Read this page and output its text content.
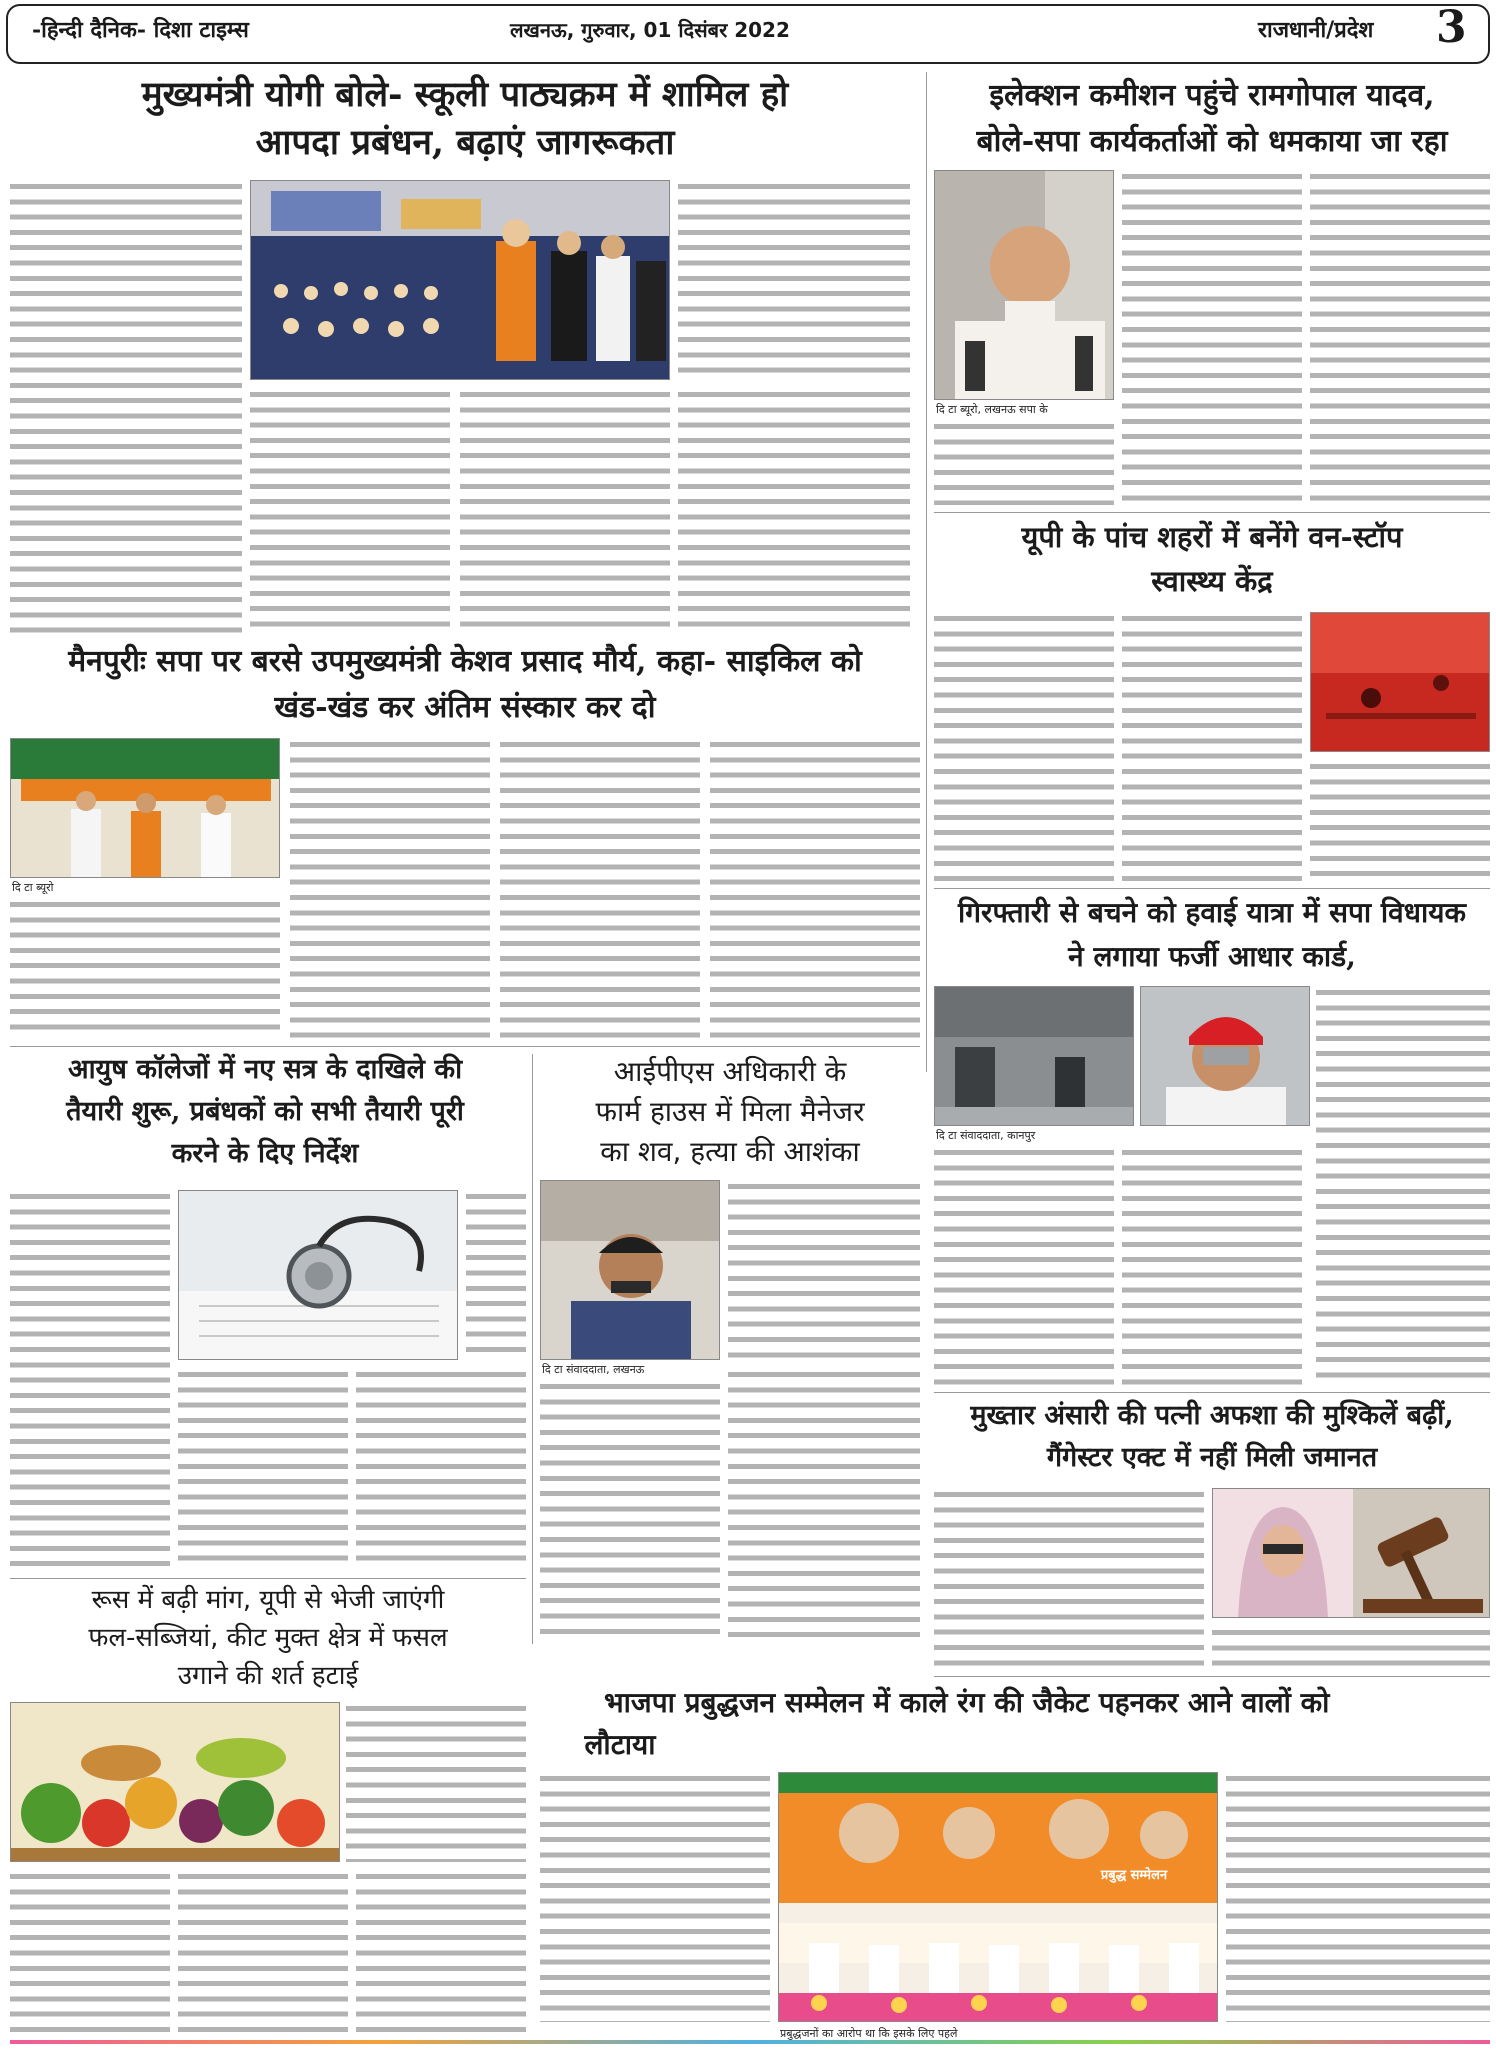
-हिन्दी दैनिक- दिशा टाइम्स	लखनऊ, गुरुवार, 01 दिसंबर 2022	राजधानी/प्रदेश 3
मुख्यमंत्री योगी बोले- स्कूली पाठ्यक्रम में शामिल हो
आपदा प्रबंधन, बढ़ाएं जागरूकता
इलेक्शन कमीशन पहुंचे रामगोपाल यादव,
बोले-सपा कार्यकर्ताओं को धमकाया जा रहा
दि टा ब्यूरो, लखनऊ सपा के
यूपी के पांच शहरों में बनेंगे वन-स्टॉप
स्वास्थ्य केंद्र
मैनपुरीः सपा पर बरसे उपमुख्यमंत्री केशव प्रसाद मौर्य, कहा- साइकिल को
खंड-खंड कर अंतिम संस्कार कर दो
दि टा ब्यूरो
गिरफ्तारी से बचने को हवाई यात्रा में सपा विधायक
ने लगाया फर्जी आधार कार्ड,
दि टा संवाददाता, कानपुर
आयुष कॉलेजों में नए सत्र के दाखिले की
तैयारी शुरू, प्रबंधकों को सभी तैयारी पूरी
करने के दिए निर्देश
आईपीएस अधिकारी के
फार्म हाउस में मिला मैनेजर
का शव, हत्या की आशंका
दि टा संवाददाता, लखनऊ
मुख्तार अंसारी की पत्नी अफशा की मुश्किलें बढ़ीं,
गैंगेस्टर एक्ट में नहीं मिली जमानत
रूस में बढ़ी मांग, यूपी से भेजी जाएंगी
फल-सब्जियां, कीट मुक्त क्षेत्र में फसल
उगाने की शर्त हटाई
भाजपा प्रबुद्धजन सम्मेलन में काले रंग की जैकेट पहनकर आने वालों को
लौटाया
प्रबुद्ध सम्मेलन
प्रबुद्धजनों का आरोप था कि इसके लिए पहले
